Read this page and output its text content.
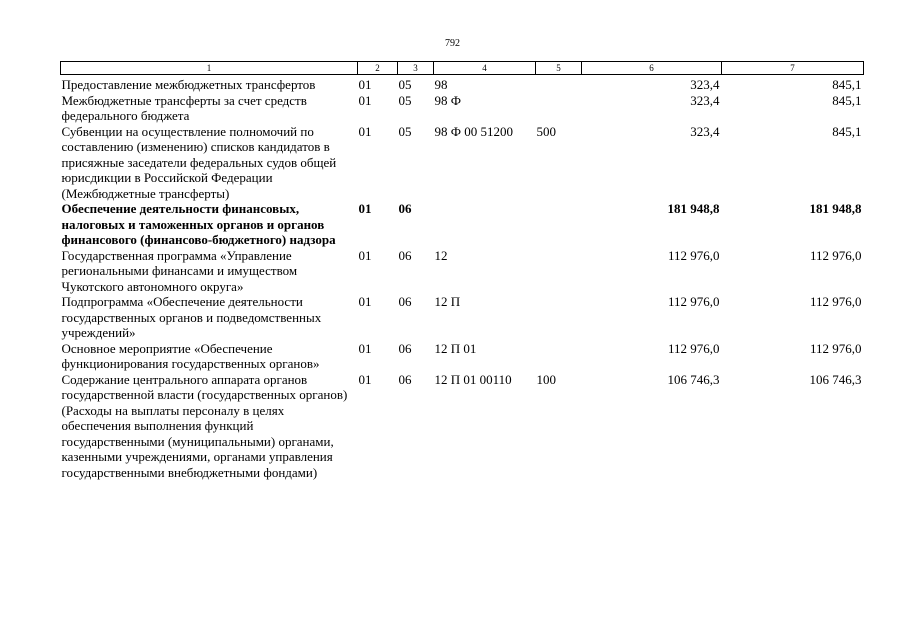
792
1	2	3	4	5	6	7
Предоставление межбюджетных трансфертов	01	05	98		323,4	845,1
Межбюджетные трансферты за счет средств федерального бюджета	01	05	98 Ф		323,4	845,1
Субвенции на осуществление полномочий по составлению (изменению) списков кандидатов в присяжные заседатели федеральных судов общей юрисдикции в Российской Федерации (Межбюджетные трансферты)	01	05	98 Ф 00 51200	500	323,4	845,1
Обеспечение деятельности финансовых, налоговых и таможенных органов и органов финансового (финансово-бюджетного) надзора	01	06			181 948,8	181 948,8
Государственная программа «Управление региональными финансами и имуществом Чукотского автономного округа»	01	06	12		112 976,0	112 976,0
Подпрограмма «Обеспечение деятельности государственных органов и подведомственных учреждений»	01	06	12 П		112 976,0	112 976,0
Основное мероприятие «Обеспечение функционирования государственных органов»	01	06	12 П 01		112 976,0	112 976,0
Содержание центрального аппарата органов государственной власти (государственных органов) (Расходы на выплаты персоналу в целях обеспечения выполнения функций государственными (муниципальными) органами, казенными учреждениями, органами управления государственными внебюджетными фондами)	01	06	12 П 01 00110	100	106 746,3	106 746,3
